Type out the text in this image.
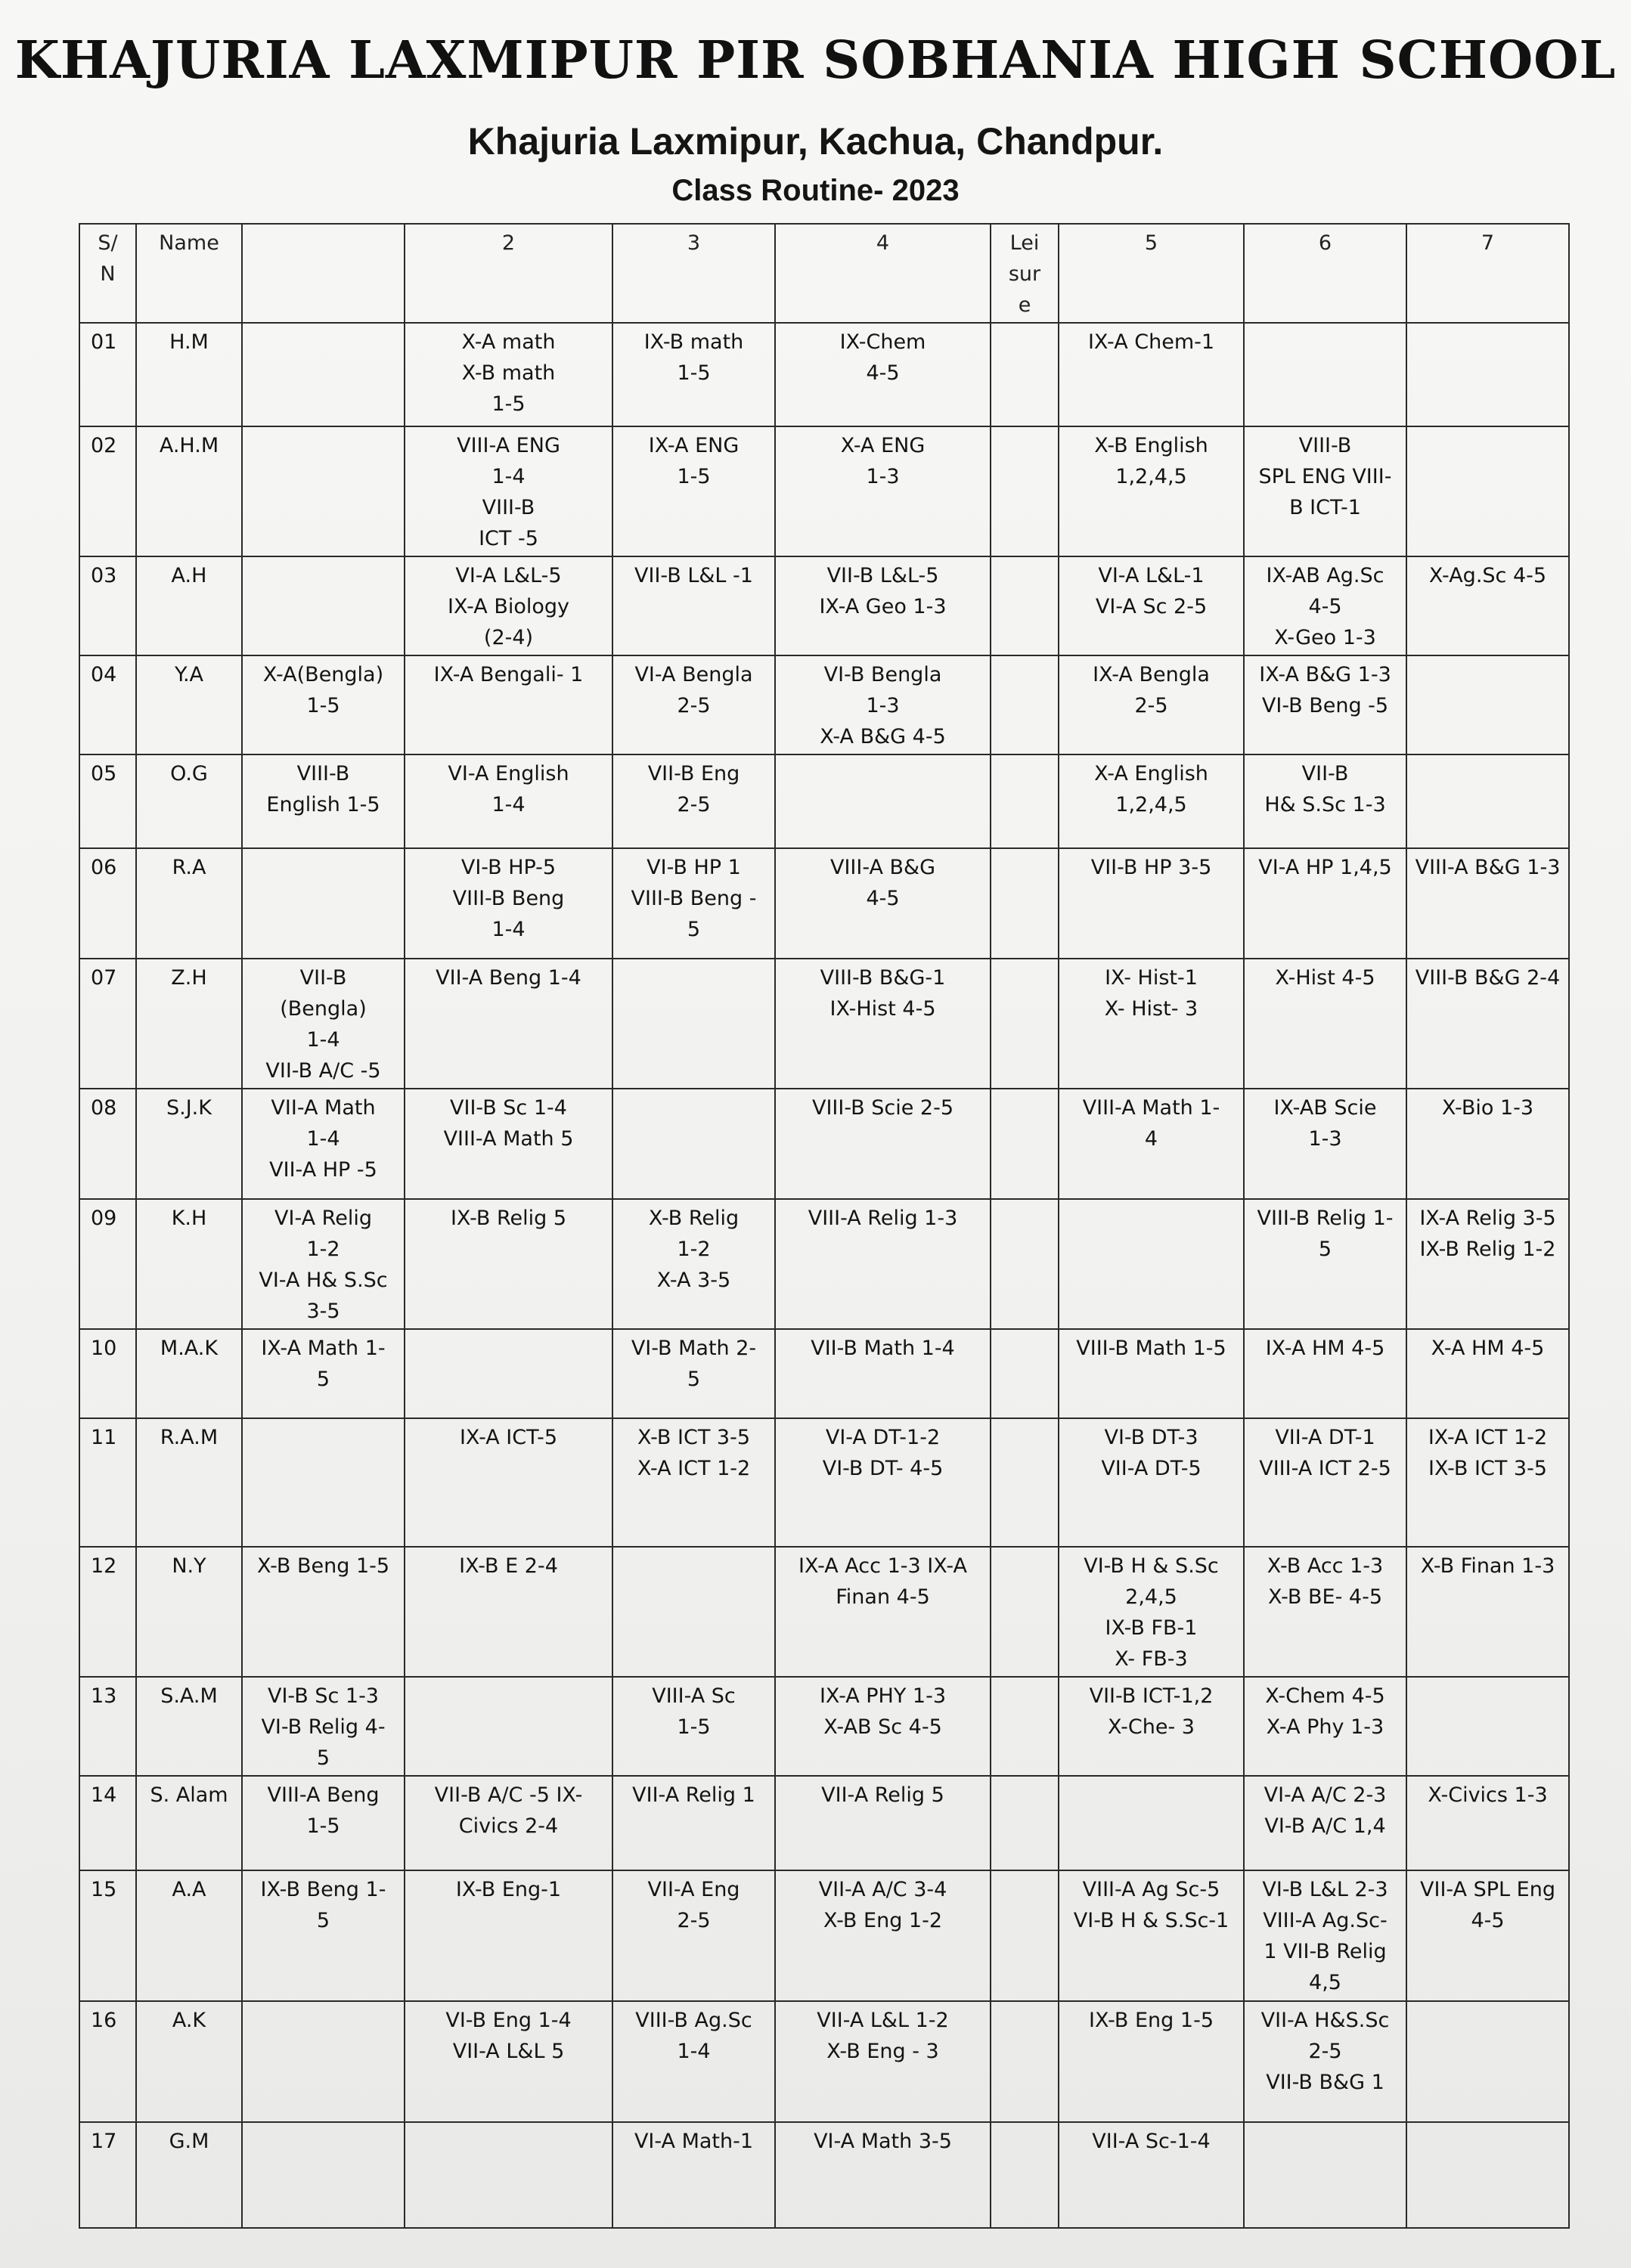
KHAJURIA LAXMIPUR PIR SOBHANIA HIGH SCHOOL
Khajuria Laxmipur, Kachua, Chandpur.
Class Routine- 2023
S/
N	Name		2	3	4	Lei
sur
e	5	6	7

01	H.M		X-A math
X-B math
1-5	IX-B math
1-5	IX-Chem
4-5		IX-A Chem-1		

02	A.H.M		VIII-A ENG
1-4
VIII-B
ICT -5	IX-A ENG
1-5	X-A ENG
1-3		X-B English
1,2,4,5	VIII-B
SPL ENG VIII-
B ICT-1	

03	A.H		VI-A L&L-5
IX-A Biology
(2-4)	VII-B L&L -1	VII-B L&L-5
IX-A Geo 1-3		VI-A L&L-1
VI-A Sc 2-5	IX-AB Ag.Sc
4-5
X-Geo 1-3	X-Ag.Sc 4-5

04	Y.A	X-A(Bengla)
1-5	IX-A Bengali- 1	VI-A Bengla
2-5	VI-B Bengla
1-3
X-A B&G 4-5		IX-A Bengla
2-5	IX-A B&G 1-3
VI-B Beng -5	

05	O.G	VIII-B
English 1-5	VI-A English
1-4	VII-B Eng
2-5			X-A English
1,2,4,5	VII-B
H& S.Sc 1-3	

06	R.A		VI-B HP-5
VIII-B Beng
1-4	VI-B HP 1
VIII-B Beng -
5	VIII-A B&G
4-5		VII-B HP 3-5	VI-A HP 1,4,5	VIII-A B&G 1-3

07	Z.H	VII-B
(Bengla)
1-4
VII-B A/C -5	VII-A Beng 1-4		VIII-B B&G-1
IX-Hist 4-5		IX- Hist-1
X- Hist- 3	X-Hist 4-5	VIII-B B&G 2-4

08	S.J.K	VII-A Math
1-4
VII-A HP -5	VII-B Sc 1-4
VIII-A Math 5		VIII-B Scie 2-5		VIII-A Math 1-
4	IX-AB Scie
1-3	X-Bio 1-3

09	K.H	VI-A Relig
1-2
VI-A H& S.Sc
3-5	IX-B Relig 5	X-B Relig
1-2
X-A 3-5	VIII-A Relig 1-3			VIII-B Relig 1-
5	IX-A Relig 3-5
IX-B Relig 1-2

10	M.A.K	IX-A Math 1-
5		VI-B Math 2-
5	VII-B Math 1-4		VIII-B Math 1-5	IX-A HM 4-5	X-A HM 4-5

11	R.A.M		IX-A ICT-5	X-B ICT 3-5
X-A ICT 1-2	VI-A DT-1-2
VI-B DT- 4-5		VI-B DT-3
VII-A DT-5	VII-A DT-1
VIII-A ICT 2-5	IX-A ICT 1-2
IX-B ICT 3-5

12	N.Y	X-B Beng 1-5	IX-B E 2-4		IX-A Acc 1-3 IX-A
Finan 4-5		VI-B H & S.Sc
2,4,5
IX-B FB-1
X- FB-3	X-B Acc 1-3
X-B BE- 4-5	X-B Finan 1-3

13	S.A.M	VI-B Sc 1-3
VI-B Relig 4-
5		VIII-A Sc
1-5	IX-A PHY 1-3
X-AB Sc 4-5		VII-B ICT-1,2
X-Che- 3	X-Chem 4-5
X-A Phy 1-3	

14	S. Alam	VIII-A Beng
1-5	VII-B A/C -5 IX-
Civics 2-4	VII-A Relig 1	VII-A Relig 5			VI-A A/C 2-3
VI-B A/C 1,4	X-Civics 1-3

15	A.A	IX-B Beng 1-
5	IX-B Eng-1	VII-A Eng
2-5	VII-A A/C 3-4
X-B Eng 1-2		VIII-A Ag Sc-5
VI-B H & S.Sc-1	VI-B L&L 2-3
VIII-A Ag.Sc-
1 VII-B Relig
4,5	VII-A SPL Eng
4-5

16	A.K		VI-B Eng 1-4
VII-A L&L 5	VIII-B Ag.Sc
1-4	VII-A L&L 1-2
X-B Eng - 3		IX-B Eng 1-5	VII-A H&S.Sc
2-5
VII-B B&G 1	

17	G.M			VI-A Math-1	VI-A Math 3-5		VII-A Sc-1-4		
